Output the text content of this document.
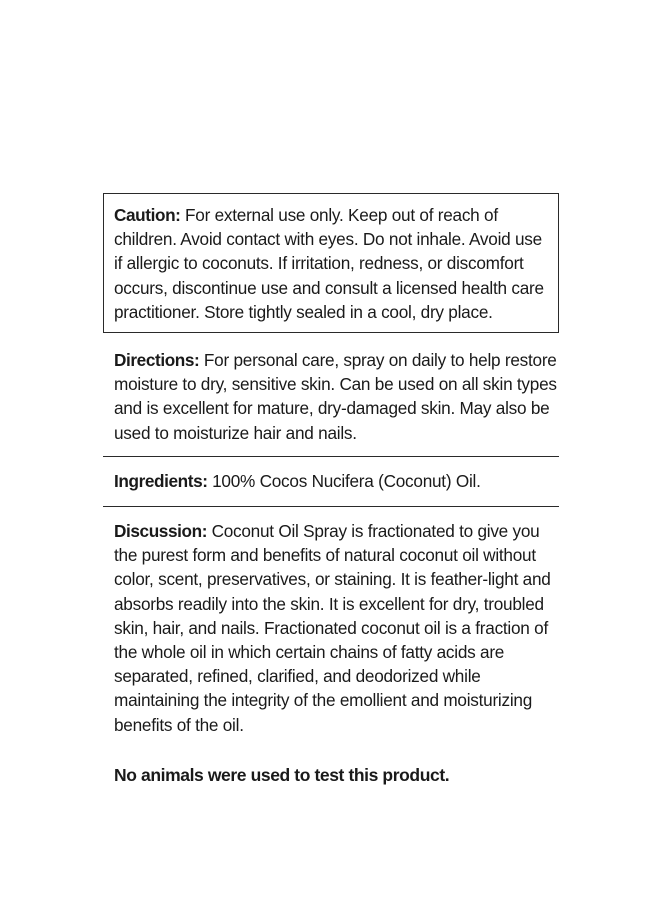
Caution: For external use only. Keep out of reach of children. Avoid contact with eyes. Do not inhale. Avoid use if allergic to coconuts. If irritation, redness, or discomfort occurs, discontinue use and consult a licensed health care practitioner. Store tightly sealed in a cool, dry place.
Directions: For personal care, spray on daily to help restore moisture to dry, sensitive skin. Can be used on all skin types and is excellent for mature, dry-damaged skin. May also be used to moisturize hair and nails.
Ingredients: 100% Cocos Nucifera (Coconut) Oil.
Discussion: Coconut Oil Spray is fractionated to give you the purest form and benefits of natural coconut oil without color, scent, preservatives, or staining. It is feather-light and absorbs readily into the skin. It is excellent for dry, troubled skin, hair, and nails. Fractionated coconut oil is a fraction of the whole oil in which certain chains of fatty acids are separated, refined, clarified, and deodorized while maintaining the integrity of the emollient and moisturizing benefits of the oil.
No animals were used to test this product.
